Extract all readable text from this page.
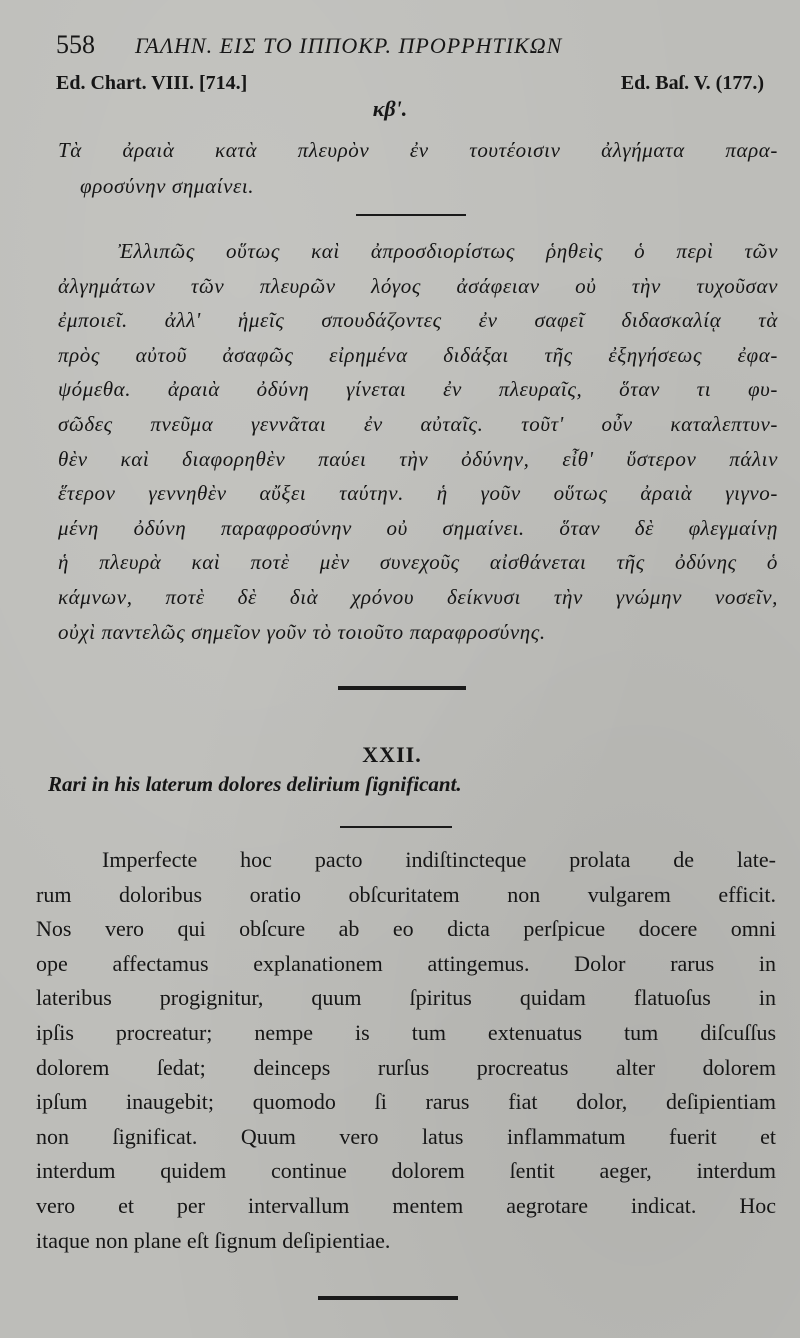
558 ΓΑΛΗΝ. ΕΙΣ ΤΟ ΙΠΠΟΚΡ. ΠΡΟΡΡΗΤΙΚΩΝ
Ed. Chart. VIII. [714.]	Ed. Baſ. V. (177.)
κβ'.
Τὰ ἀραιὰ κατὰ πλευρὸν ἐν τουτέοισιν ἀλγήματα παρα-
φροσύνην σημαίνει.
Ἐλλιπῶς οὕτως καὶ ἀπροσδιορίστως ῥηθεὶς ὁ περὶ τῶν
ἀλγημάτων τῶν πλευρῶν λόγος ἀσάφειαν οὐ τὴν τυχοῦσαν
ἐμποιεῖ. ἀλλ' ἡμεῖς σπουδάζοντες ἐν σαφεῖ διδασκαλίᾳ τὰ
πρὸς αὐτοῦ ἀσαφῶς εἰρημένα διδάξαι τῆς ἐξηγήσεως ἐφα-
ψόμεθα. ἀραιὰ ὀδύνη γίνεται ἐν πλευραῖς, ὅταν τι φυ-
σῶδες πνεῦμα γεννᾶται ἐν αὐταῖς. τοῦτ' οὖν καταλεπτυν-
θὲν καὶ διαφορηθὲν παύει τὴν ὀδύνην, εἶθ' ὕστερον πάλιν
ἕτερον γεννηθὲν αὔξει ταύτην. ἡ γοῦν οὕτως ἀραιὰ γιγνο-
μένη ὀδύνη παραφροσύνην οὐ σημαίνει. ὅταν δὲ φλεγμαίνῃ
ἡ πλευρὰ καὶ ποτὲ μὲν συνεχοῦς αἰσθάνεται τῆς ὀδύνης ὁ
κάμνων, ποτὲ δὲ διὰ χρόνου δείκνυσι τὴν γνώμην νοσεῖν,
οὐχὶ παντελῶς σημεῖον γοῦν τὸ τοιοῦτο παραφροσύνης.
XXII.
Rari in his laterum dolores delirium ſignificant.
Imperfecte hoc pacto indiſtincteque prolata de late-
rum doloribus oratio obſcuritatem non vulgarem efficit.
Nos vero qui obſcure ab eo dicta perſpicue docere omni
ope affectamus explanationem attingemus. Dolor rarus in
lateribus progignitur, quum ſpiritus quidam flatuoſus in
ipſis procreatur; nempe is tum extenuatus tum diſcuſſus
dolorem ſedat; deinceps rurſus procreatus alter dolorem
ipſum inaugebit; quomodo ſi rarus fiat dolor, deſipientiam
non ſignificat. Quum vero latus inflammatum fuerit et
interdum quidem continue dolorem ſentit aeger, interdum
vero et per intervallum mentem aegrotare indicat. Hoc
itaque non plane eſt ſignum deſipientiae.
